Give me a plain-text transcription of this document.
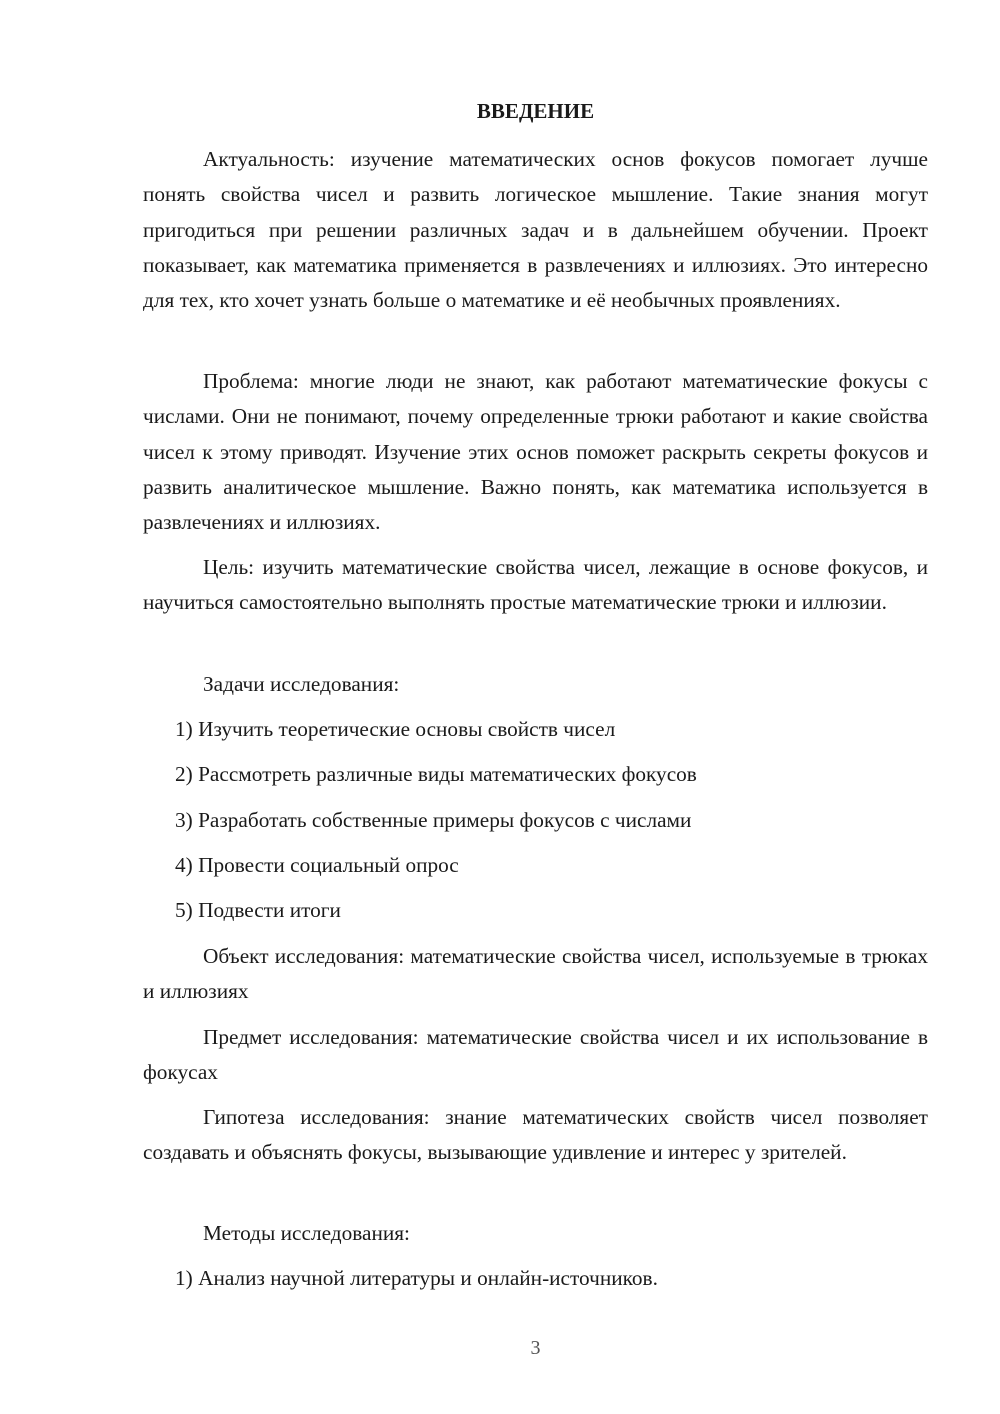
ВВЕДЕНИЕ

Актуальность: изучение математических основ фокусов помогает лучше понять свойства чисел и развить логическое мышление. Такие знания могут пригодиться при решении различных задач и в дальнейшем обучении. Проект показывает, как математика применяется в развлечениях и иллюзиях. Это интересно для тех, кто хочет узнать больше о математике и её необычных проявлениях.

Проблема: многие люди не знают, как работают математические фокусы с числами. Они не понимают, почему определенные трюки работают и какие свойства чисел к этому приводят. Изучение этих основ поможет раскрыть секреты фокусов и развить аналитическое мышление. Важно понять, как математика используется в развлечениях и иллюзиях.

Цель: изучить математические свойства чисел, лежащие в основе фокусов, и научиться самостоятельно выполнять простые математические трюки и иллюзии.

Задачи исследования:

1) Изучить теоретические основы свойств чисел

2) Рассмотреть различные виды математических фокусов

3) Разработать собственные примеры фокусов с числами

4) Провести социальный опрос

5) Подвести итоги

Объект исследования: математические свойства чисел, используемые в трюках и иллюзиях

Предмет исследования: математические свойства чисел и их использование в фокусах

Гипотеза исследования: знание математических свойств чисел позволяет создавать и объяснять фокусы, вызывающие удивление и интерес у зрителей.

Методы исследования:

1) Анализ научной литературы и онлайн-источников.

3
